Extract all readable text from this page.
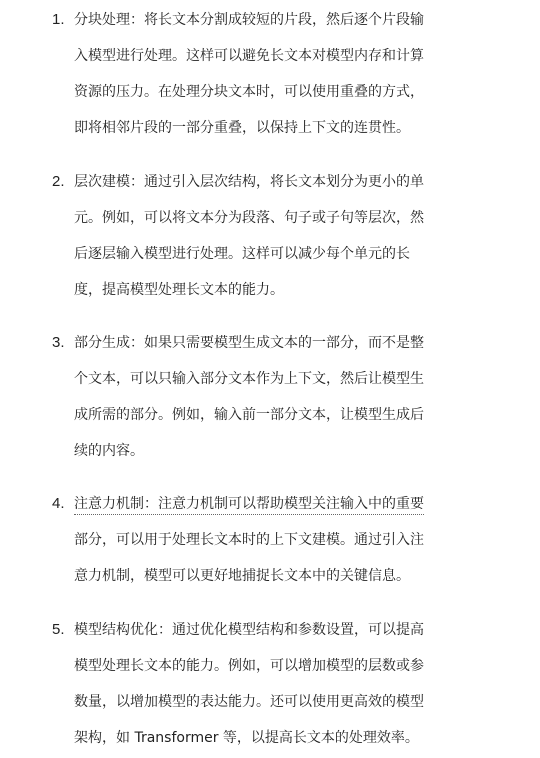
1. 分块处理：将长文本分割成较短的片段，然后逐个片段输
入模型进行处理。这样可以避免长文本对模型内存和计算
资源的压力。在处理分块文本时，可以使用重叠的方式，
即将相邻片段的一部分重叠，以保持上下文的连贯性。
2. 层次建模：通过引入层次结构，将长文本划分为更小的单
元。例如，可以将文本分为段落、句子或子句等层次，然
后逐层输入模型进行处理。这样可以减少每个单元的长
度，提高模型处理长文本的能力。
3. 部分生成：如果只需要模型生成文本的一部分，而不是整
个文本，可以只输入部分文本作为上下文，然后让模型生
成所需的部分。例如，输入前一部分文本，让模型生成后
续的内容。
4. 注意力机制：注意力机制可以帮助模型关注输入中的重要
部分，可以用于处理长文本时的上下文建模。通过引入注
意力机制，模型可以更好地捕捉长文本中的关键信息。
5. 模型结构优化：通过优化模型结构和参数设置，可以提高
模型处理长文本的能力。例如，可以增加模型的层数或参
数量，以增加模型的表达能力。还可以使用更高效的模型
架构，如 Transformer 等，以提高长文本的处理效率。
